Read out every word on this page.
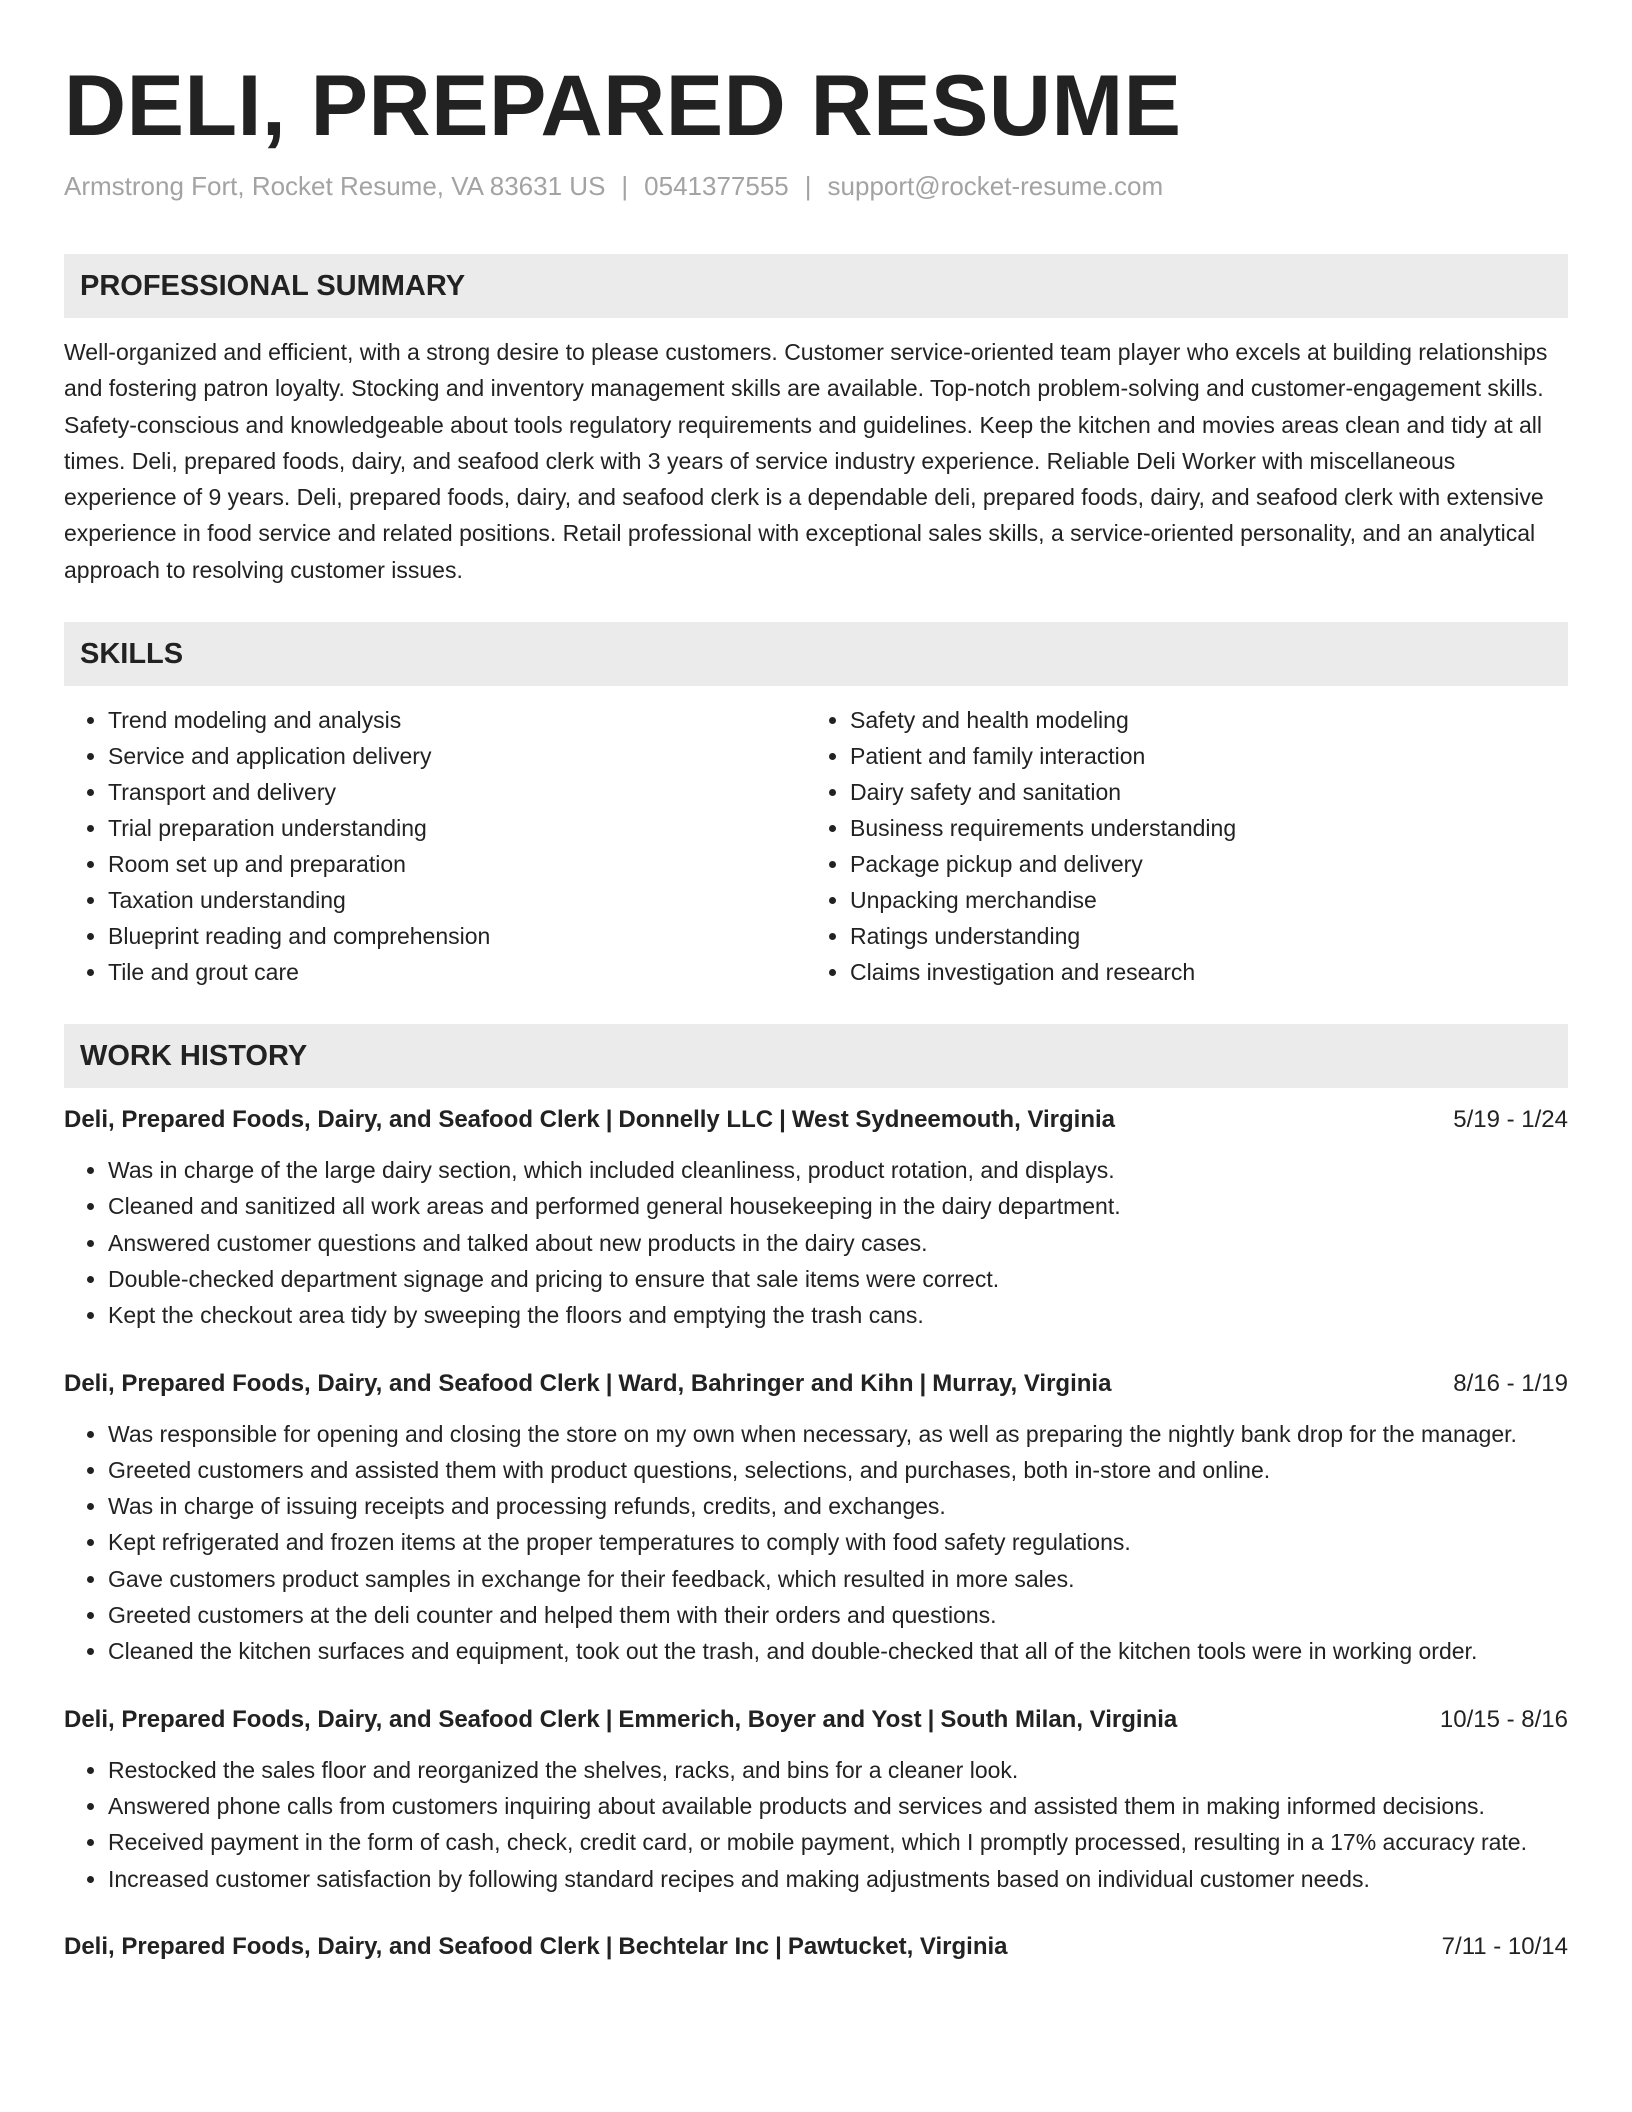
DELI, PREPARED RESUME
Armstrong Fort, Rocket Resume, VA 83631 US | 0541377555 | support@rocket-resume.com
PROFESSIONAL SUMMARY

Well-organized and efficient, with a strong desire to please customers. Customer service-oriented team player who excels at building relationships and fostering patron loyalty. Stocking and inventory management skills are available. Top-notch problem-solving and customer-engagement skills. Safety-conscious and knowledgeable about tools regulatory requirements and guidelines. Keep the kitchen and movies areas clean and tidy at all times. Deli, prepared foods, dairy, and seafood clerk with 3 years of service industry experience. Reliable Deli Worker with miscellaneous experience of 9 years. Deli, prepared foods, dairy, and seafood clerk is a dependable deli, prepared foods, dairy, and seafood clerk with extensive experience in food service and related positions. Retail professional with exceptional sales skills, a service-oriented personality, and an analytical approach to resolving customer issues.

SKILLS
• Trend modeling and analysis
• Service and application delivery
• Transport and delivery
• Trial preparation understanding
• Room set up and preparation
• Taxation understanding
• Blueprint reading and comprehension
• Tile and grout care
• Safety and health modeling
• Patient and family interaction
• Dairy safety and sanitation
• Business requirements understanding
• Package pickup and delivery
• Unpacking merchandise
• Ratings understanding
• Claims investigation and research
WORK HISTORY
Deli, Prepared Foods, Dairy, and Seafood Clerk | Donnelly LLC | West Sydneemouth, Virginia	5/19 - 1/24
• Was in charge of the large dairy section, which included cleanliness, product rotation, and displays.
• Cleaned and sanitized all work areas and performed general housekeeping in the dairy department.
• Answered customer questions and talked about new products in the dairy cases.
• Double-checked department signage and pricing to ensure that sale items were correct.
• Kept the checkout area tidy by sweeping the floors and emptying the trash cans.
Deli, Prepared Foods, Dairy, and Seafood Clerk | Ward, Bahringer and Kihn | Murray, Virginia	8/16 - 1/19
• Was responsible for opening and closing the store on my own when necessary, as well as preparing the nightly bank drop for the manager.
• Greeted customers and assisted them with product questions, selections, and purchases, both in-store and online.
• Was in charge of issuing receipts and processing refunds, credits, and exchanges.
• Kept refrigerated and frozen items at the proper temperatures to comply with food safety regulations.
• Gave customers product samples in exchange for their feedback, which resulted in more sales.
• Greeted customers at the deli counter and helped them with their orders and questions.
• Cleaned the kitchen surfaces and equipment, took out the trash, and double-checked that all of the kitchen tools were in working order.
Deli, Prepared Foods, Dairy, and Seafood Clerk | Emmerich, Boyer and Yost | South Milan, Virginia	10/15 - 8/16
• Restocked the sales floor and reorganized the shelves, racks, and bins for a cleaner look.
• Answered phone calls from customers inquiring about available products and services and assisted them in making informed decisions.
• Received payment in the form of cash, check, credit card, or mobile payment, which I promptly processed, resulting in a 17% accuracy rate.
• Increased customer satisfaction by following standard recipes and making adjustments based on individual customer needs.
Deli, Prepared Foods, Dairy, and Seafood Clerk | Bechtelar Inc | Pawtucket, Virginia	7/11 - 10/14
